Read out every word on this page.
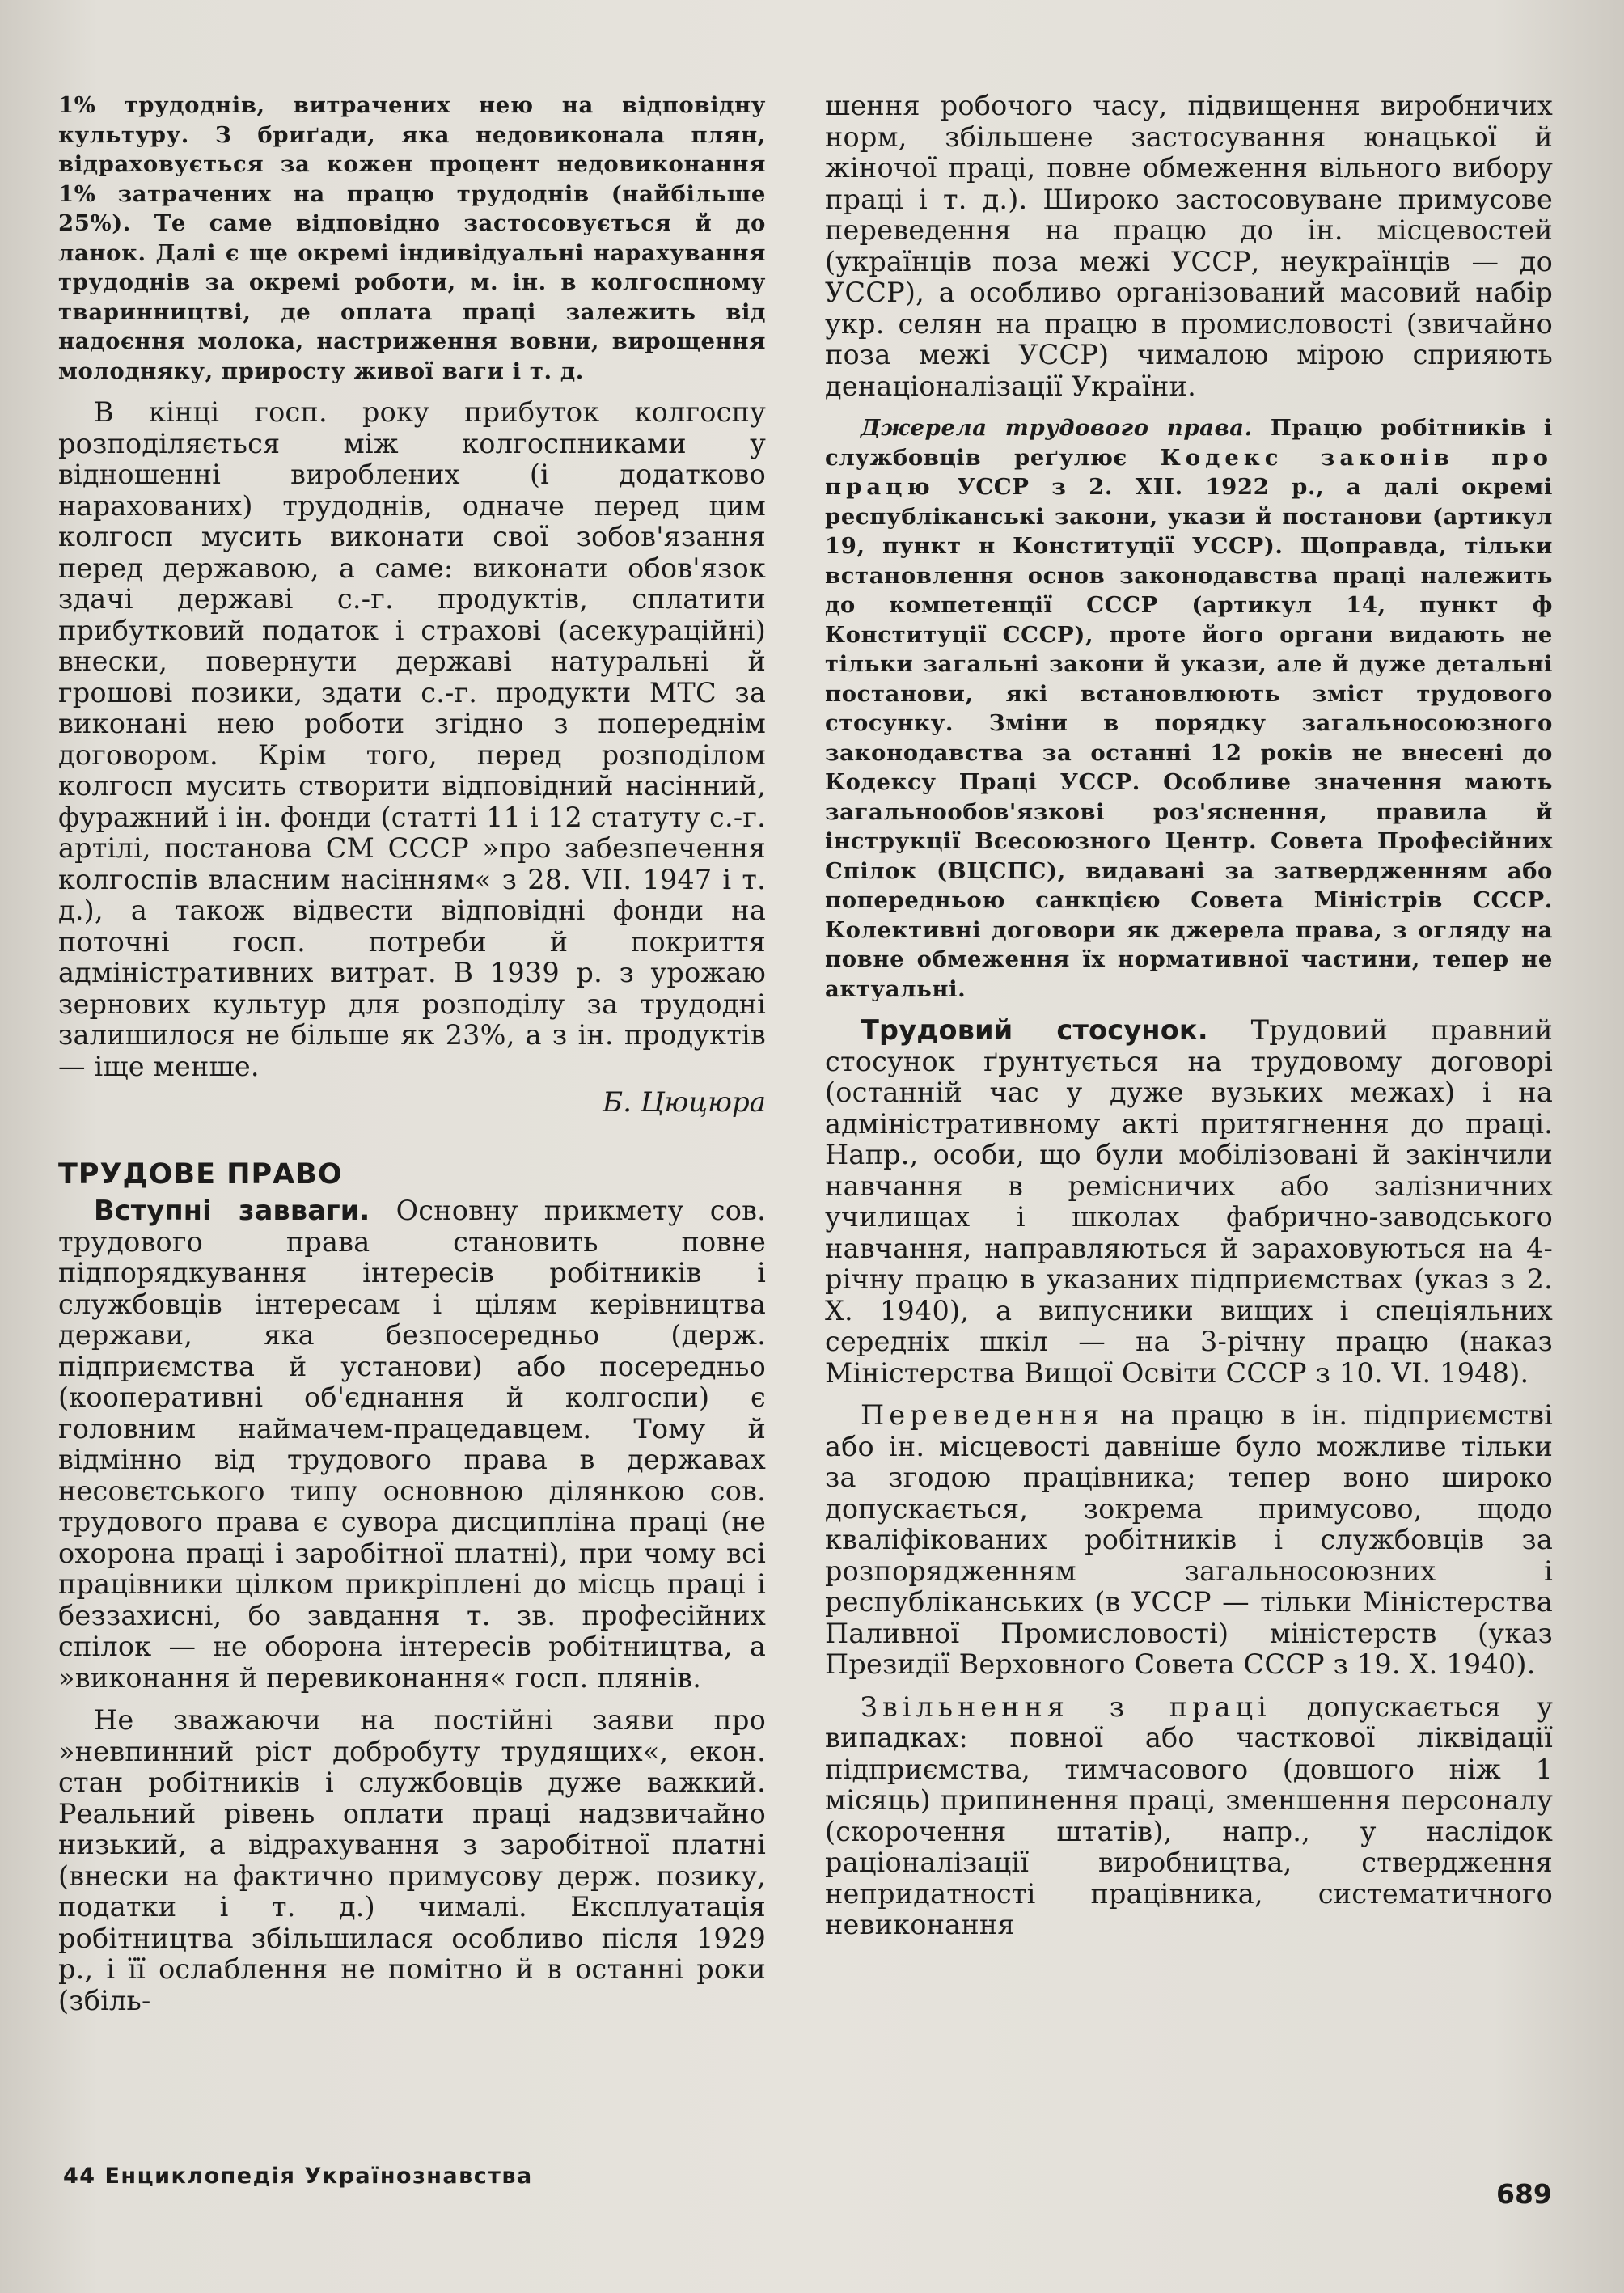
1% трудоднів, витрачених нею на відповідну культуру. З бриґади, яка недовиконала плян, відраховується за кожен процент недовиконання 1% затрачених на працю трудоднів (найбільше 25%). Те саме відповідно застосовується й до ланок. Далі є ще окремі індивідуальні нарахування трудоднів за окремі роботи, м. ін. в колгоспному тваринництві, де оплата праці залежить від надоєння молока, настриження вовни, вирощення молодняку, приросту живої ваги і т. д.

В кінці госп. року прибуток колгоспу розподіляється між колгоспниками у відношенні вироблених (і додатково нарахованих) трудоднів, одначе перед цим колгосп мусить виконати свої зобов'язання перед державою, а саме: виконати обов'язок здачі державі с.-г. продуктів, сплатити прибутковий податок і страхові (асекураційні) внески, повернути державі натуральні й грошові позики, здати с.-г. продукти МТС за виконані нею роботи згідно з попереднім договором. Крім того, перед розподілом колгосп мусить створити відповідний насінний, фуражний і ін. фонди (статті 11 і 12 статуту с.-г. артілі, постанова СМ СССР »про забезпечення колгоспів власним насінням« з 28. VII. 1947 і т. д.), а також відвести відповідні фонди на поточні госп. потреби й покриття адміністративних витрат. В 1939 р. з урожаю зернових культур для розподілу за трудодні залишилося не більше як 23%, а з ін. продуктів — іще менше.

Б. Цюцюра

ТРУДОВЕ ПРАВО

Вступні завваги. Основну прикмету сов. трудового права становить повне підпорядкування інтересів робітників і службовців інтересам і цілям керівництва держави, яка безпосередньо (держ. підприємства й установи) або посередньо (кооперативні об'єднання й колгоспи) є головним наймачем-працедавцем. Тому й відмінно від трудового права в державах несовєтського типу основною ділянкою сов. трудового права є сувора дисципліна праці (не охорона праці і заробітної платні), при чому всі працівники цілком прикріплені до місць праці і беззахисні, бо завдання т. зв. професійних спілок — не оборона інтересів робітництва, а »виконання й перевиконання« госп. плянів.

Не зважаючи на постійні заяви про »невпинний ріст добробуту трудящих«, екон. стан робітників і службовців дуже важкий. Реальний рівень оплати праці надзвичайно низький, а відрахування з заробітної платні (внески на фактично примусову держ. позику, податки і т. д.) чималі. Експлуатація робітництва збільшилася особливо після 1929 р., і її ослаблення не помітно й в останні роки (збіль-

шення робочого часу, підвищення виробничих норм, збільшене застосування юнацької й жіночої праці, повне обмеження вільного вибору праці і т. д.). Широко застосовуване примусове переведення на працю до ін. місцевостей (українців поза межі УССР, неукраїнців — до УССР), а особливо організований масовий набір укр. селян на працю в промисловості (звичайно поза межі УССР) чималою мірою сприяють денаціоналізації України.

Джерела трудового права. Працю робітників і службовців реґулює Кодекс законів про працю УССР з 2. XII. 1922 р., а далі окремі республіканські закони, укази й постанови (артикул 19, пункт н Конституції УССР). Щоправда, тільки встановлення основ законодавства праці належить до компетенції СССР (артикул 14, пункт ф Конституції СССР), проте його органи видають не тільки загальні закони й укази, але й дуже детальні постанови, які встановлюють зміст трудового стосунку. Зміни в порядку загальносоюзного законодавства за останні 12 років не внесені до Кодексу Праці УССР. Особливе значення мають загальнообов'язкові роз'яснення, правила й інструкції Всесоюзного Центр. Совета Професійних Спілок (ВЦСПС), видавані за затвердженням або попередньою санкцією Совета Міністрів СССР. Колективні договори як джерела права, з огляду на повне обмеження їх нормативної частини, тепер не актуальні.

Трудовий стосунок. Трудовий правний стосунок ґрунтується на трудовому договорі (останній час у дуже вузьких межах) і на адміністративному акті притягнення до праці. Напр., особи, що були мобілізовані й закінчили навчання в ремісничих або залізничних училищах і школах фабрично-заводського навчання, направляються й зараховуються на 4-річну працю в указаних підприємствах (указ з 2. X. 1940), а випусники вищих і спеціяльних середніх шкіл — на 3-річну працю (наказ Міністерства Вищої Освіти СССР з 10. VI. 1948).

Переведення на працю в ін. підприємстві або ін. місцевості давніше було можливе тільки за згодою працівника; тепер воно широко допускається, зокрема примусово, щодо кваліфікованих робітників і службовців за розпорядженням загальносоюзних і республіканських (в УССР — тільки Міністерства Паливної Промисловості) міністерств (указ Президії Верховного Совета СССР з 19. X. 1940).

Звільнення з праці допускається у випадках: повної або часткової ліквідації підприємства, тимчасового (довшого ніж 1 місяць) припинення праці, зменшення персоналу (скорочення штатів), напр., у наслідок раціоналізації виробництва, ствердження непридатності працівника, систематичного невиконання

44 Енциклопедія Українознавства
689
